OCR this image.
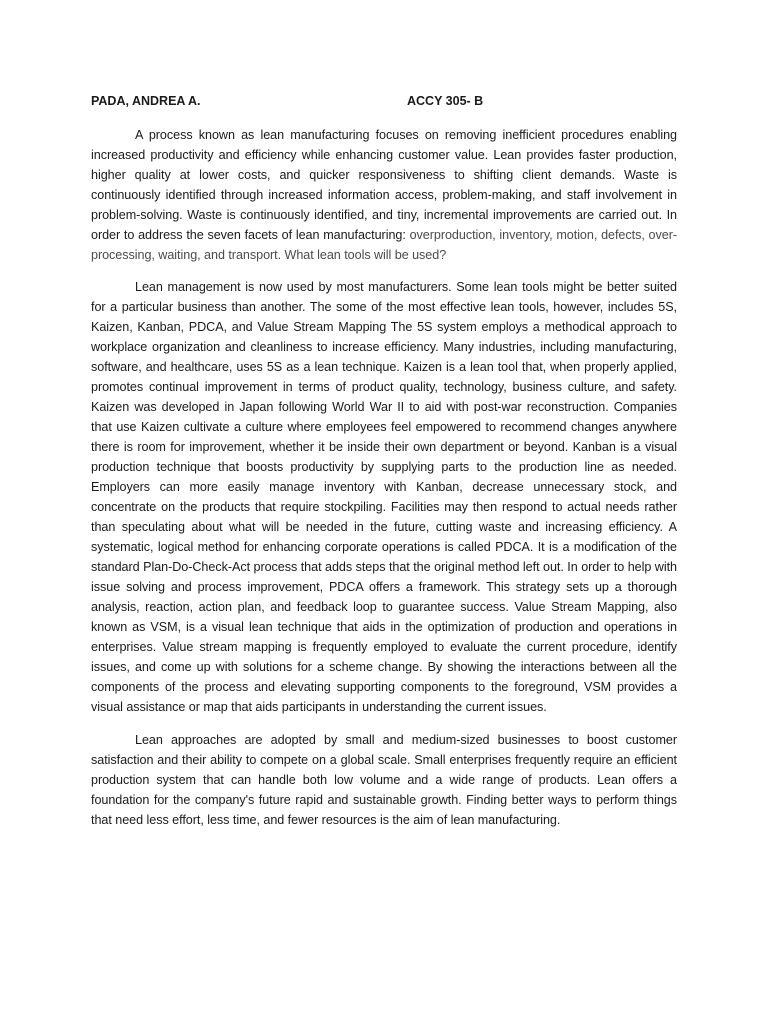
PADA, ANDREA A.	ACCY 305- B

A process known as lean manufacturing focuses on removing inefficient procedures enabling increased productivity and efficiency while enhancing customer value. Lean provides faster production, higher quality at lower costs, and quicker responsiveness to shifting client demands. Waste is continuously identified through increased information access, problem-making, and staff involvement in problem-solving. Waste is continuously identified, and tiny, incremental improvements are carried out. In order to address the seven facets of lean manufacturing: overproduction, inventory, motion, defects, over-processing, waiting, and transport. What lean tools will be used?

Lean management is now used by most manufacturers. Some lean tools might be better suited for a particular business than another. The some of the most effective lean tools, however, includes 5S, Kaizen, Kanban, PDCA, and Value Stream Mapping The 5S system employs a methodical approach to workplace organization and cleanliness to increase efficiency. Many industries, including manufacturing, software, and healthcare, uses 5S as a lean technique. Kaizen is a lean tool that, when properly applied, promotes continual improvement in terms of product quality, technology, business culture, and safety. Kaizen was developed in Japan following World War II to aid with post-war reconstruction. Companies that use Kaizen cultivate a culture where employees feel empowered to recommend changes anywhere there is room for improvement, whether it be inside their own department or beyond. Kanban is a visual production technique that boosts productivity by supplying parts to the production line as needed. Employers can more easily manage inventory with Kanban, decrease unnecessary stock, and concentrate on the products that require stockpiling. Facilities may then respond to actual needs rather than speculating about what will be needed in the future, cutting waste and increasing efficiency. A systematic, logical method for enhancing corporate operations is called PDCA. It is a modification of the standard Plan-Do-Check-Act process that adds steps that the original method left out. In order to help with issue solving and process improvement, PDCA offers a framework. This strategy sets up a thorough analysis, reaction, action plan, and feedback loop to guarantee success. Value Stream Mapping, also known as VSM, is a visual lean technique that aids in the optimization of production and operations in enterprises. Value stream mapping is frequently employed to evaluate the current procedure, identify issues, and come up with solutions for a scheme change. By showing the interactions between all the components of the process and elevating supporting components to the foreground, VSM provides a visual assistance or map that aids participants in understanding the current issues.

Lean approaches are adopted by small and medium-sized businesses to boost customer satisfaction and their ability to compete on a global scale. Small enterprises frequently require an efficient production system that can handle both low volume and a wide range of products. Lean offers a foundation for the company's future rapid and sustainable growth. Finding better ways to perform things that need less effort, less time, and fewer resources is the aim of lean manufacturing.
